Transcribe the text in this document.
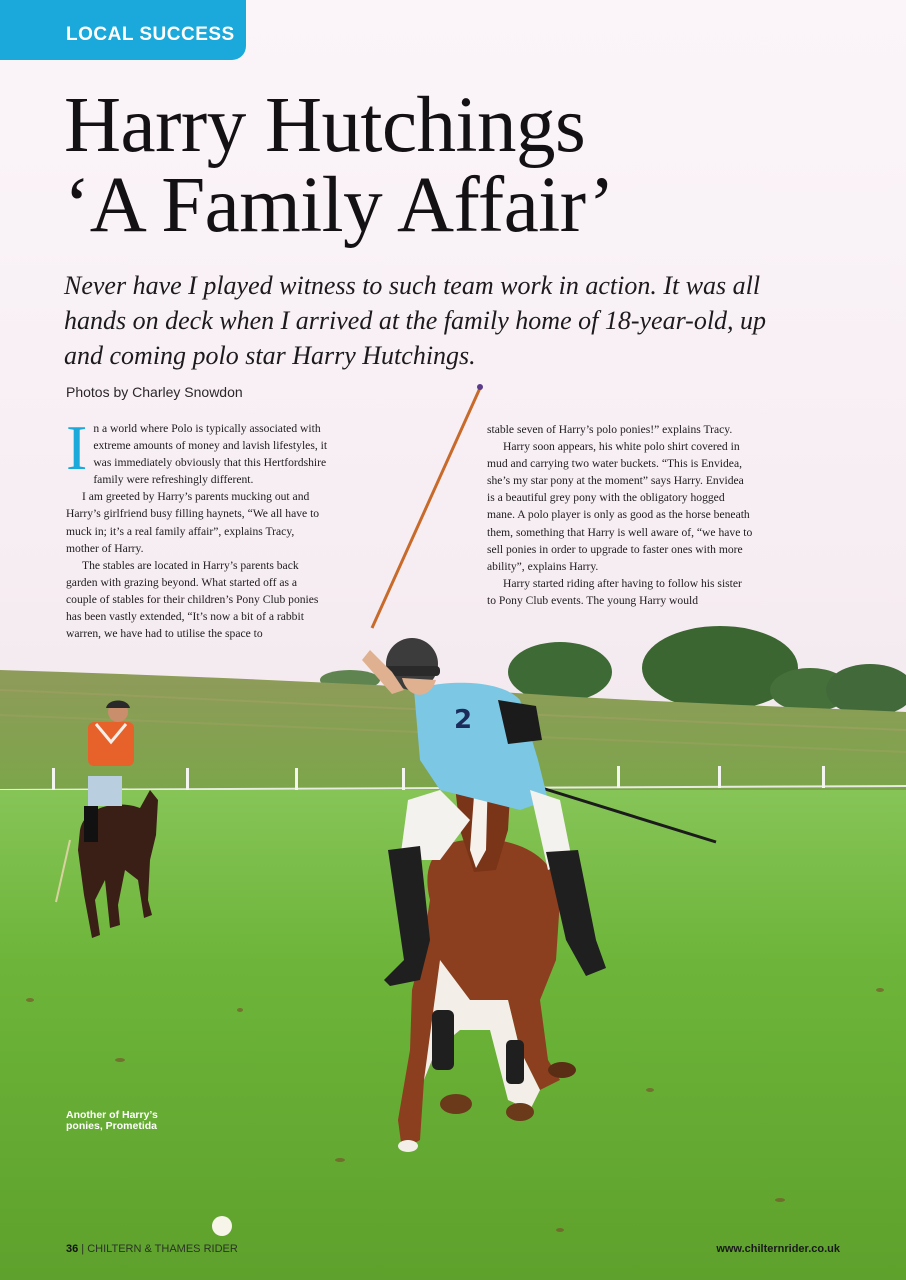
2
LOCAL SUCCESS
Harry Hutchings
‘A Family Affair’
Never have I played witness to such team work in action. It was all hands on deck when I arrived at the family home of 18-year-old, up and coming polo star Harry Hutchings.
Photos by Charley Snowdon

In a world where Polo is typically associated with extreme amounts of money and lavish lifestyles, it was immediately obviously that this Hertfordshire family were refreshingly different.

I am greeted by Harry’s parents mucking out and Harry’s girlfriend busy filling haynets, “We all have to muck in; it’s a real family affair”, explains Tracy, mother of Harry.

The stables are located in Harry’s parents back garden with grazing beyond. What started off as a couple of stables for their children’s Pony Club ponies has been vastly extended, “It’s now a bit of a rabbit warren, we have had to utilise the space to

stable seven of Harry’s polo ponies!” explains Tracy.

Harry soon appears, his white polo shirt covered in mud and carrying two water buckets. “This is Envidea, she’s my star pony at the moment” says Harry. Envidea is a beautiful grey pony with the obligatory hogged mane. A polo player is only as good as the horse beneath them, something that Harry is well aware of, “we have to sell ponies in order to upgrade to faster ones with more ability”, explains Harry.

Harry started riding after having to follow his sister to Pony Club events. The young Harry would

Another of Harry’s ponies, Prometida
36 | CHILTERN & THAMES RIDER	www.chilternrider.co.uk
